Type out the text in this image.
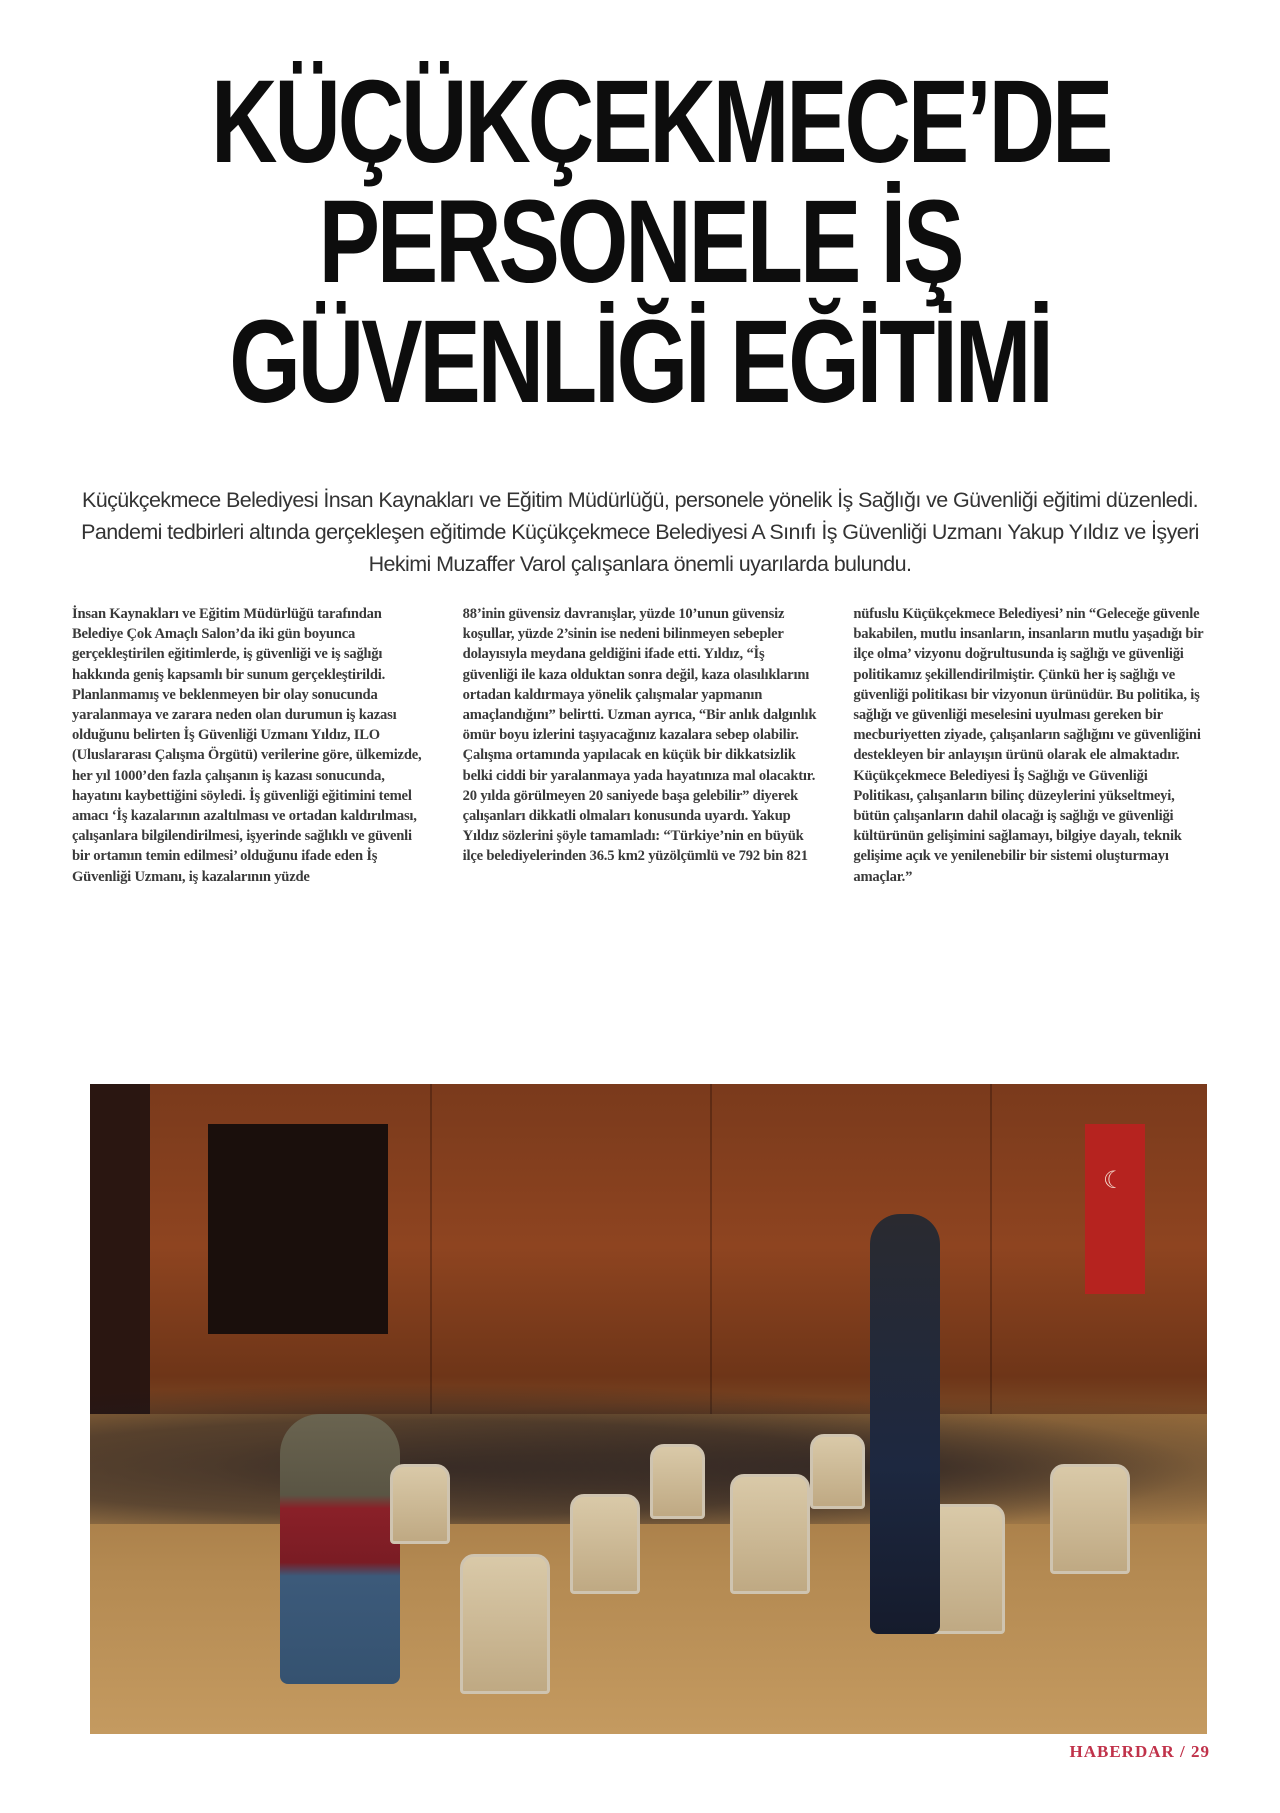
KÜÇÜKÇEKMECE’DE
PERSONELE İŞ
GÜVENLİĞİ EĞİTİMİ
Küçükçekmece Belediyesi İnsan Kaynakları ve Eğitim Müdürlüğü, personele yönelik İş Sağlığı ve Güvenliği eğitimi düzenledi. Pandemi tedbirleri altında gerçekleşen eğitimde Küçükçekmece Belediyesi A Sınıfı İş Güvenliği Uzmanı Yakup Yıldız ve İşyeri Hekimi Muzaffer Varol çalışanlara önemli uyarılarda bulundu.

İnsan Kaynakları ve Eğitim Müdürlüğü tarafından Belediye Çok Amaçlı Salon’da iki gün boyunca gerçekleştirilen eğitimlerde, iş güvenliği ve iş sağlığı hakkında geniş kapsamlı bir sunum gerçekleştirildi. Planlanmamış ve beklenmeyen bir olay sonucunda yaralanmaya ve zarara neden olan durumun iş kazası olduğunu belirten İş Güvenliği Uzmanı Yıldız, ILO (Uluslararası Çalışma Örgütü) verilerine göre, ülkemizde, her yıl 1000’den fazla çalışanın iş kazası sonucunda, hayatını kaybettiğini söyledi. İş güvenliği eğitimini temel amacı ‘İş kazalarının azaltılması ve ortadan kaldırılması, çalışanlara bilgilendirilmesi, işyerinde sağlıklı ve güvenli bir ortamın temin edilmesi’ olduğunu ifade eden İş Güvenliği Uzmanı, iş kazalarının yüzde

88’inin güvensiz davranışlar, yüzde 10’unun güvensiz koşullar, yüzde 2’sinin ise nedeni bilinmeyen sebepler dolayısıyla meydana geldiğini ifade etti. Yıldız, “İş güvenliği ile kaza olduktan sonra değil, kaza olasılıklarını ortadan kaldırmaya yönelik çalışmalar yapmanın amaçlandığını” belirtti. Uzman ayrıca, “Bir anlık dalgınlık ömür boyu izlerini taşıyacağınız kazalara sebep olabilir. Çalışma ortamında yapılacak en küçük bir dikkatsizlik belki ciddi bir yaralanmaya yada hayatınıza mal olacaktır. 20 yılda görülmeyen 20 saniyede başa gelebilir” diyerek çalışanları dikkatli olmaları konusunda uyardı. Yakup Yıldız sözlerini şöyle tamamladı: “Türkiye’nin en büyük ilçe belediyelerinden 36.5 km2 yüzölçümlü ve 792 bin 821

nüfuslu Küçükçekmece Belediyesi’ nin “Geleceğe güvenle bakabilen, mutlu insanların, insanların mutlu yaşadığı bir ilçe olma’ vizyonu doğrultusunda iş sağlığı ve güvenliği politikamız şekillendirilmiştir. Çünkü her iş sağlığı ve güvenliği politikası bir vizyonun ürünüdür. Bu politika, iş sağlığı ve güvenliği meselesini uyulması gereken bir mecburiyetten ziyade, çalışanların sağlığını ve güvenliğini destekleyen bir anlayışın ürünü olarak ele almaktadır. Küçükçekmece Belediyesi İş Sağlığı ve Güvenliği Politikası, çalışanların bilinç düzeylerini yükseltmeyi, bütün çalışanların dahil olacağı iş sağlığı ve güvenliği kültürünün gelişimini sağlamayı, bilgiye dayalı, teknik gelişime açık ve yenilenebilir bir sistemi oluşturmayı amaçlar.”

☾
HABERDAR / 29
